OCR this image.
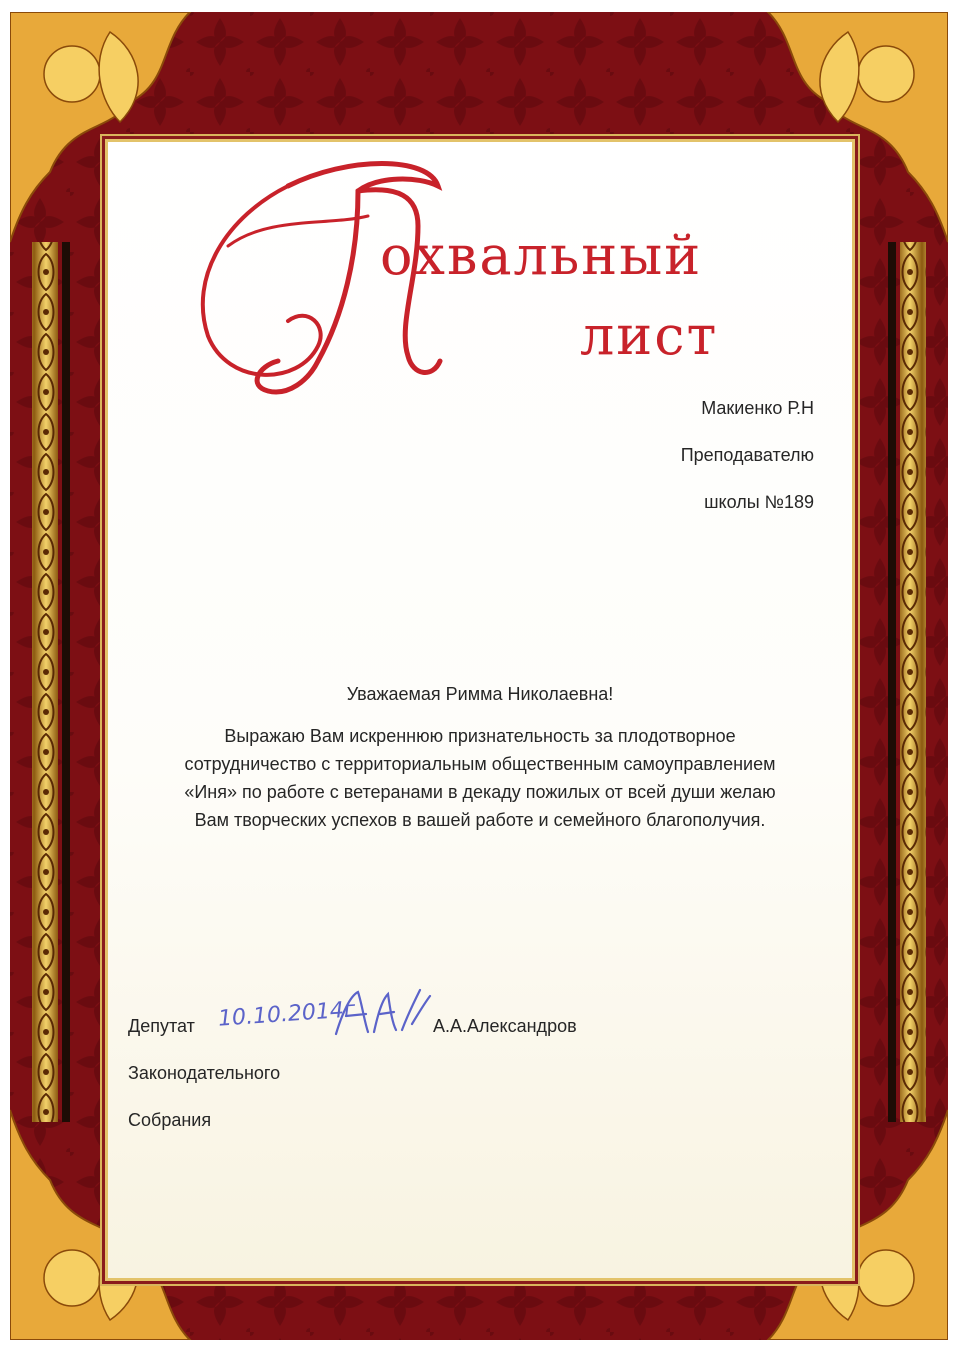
охвальный
лист
Макиенко Р.Н
Преподавателю
школы №189
Уважаемая Римма Николаевна!
Выражаю Вам искреннюю признательность за плодотворное
сотрудничество с территориальным общественным самоуправлением
«Иня» по работе с ветеранами в декаду пожилых от всей души желаю
Вам творческих успехов в вашей работе и семейного благополучия.
Депутат
Законодательного
Собрания
10.10.2014г	А.А.Александров
